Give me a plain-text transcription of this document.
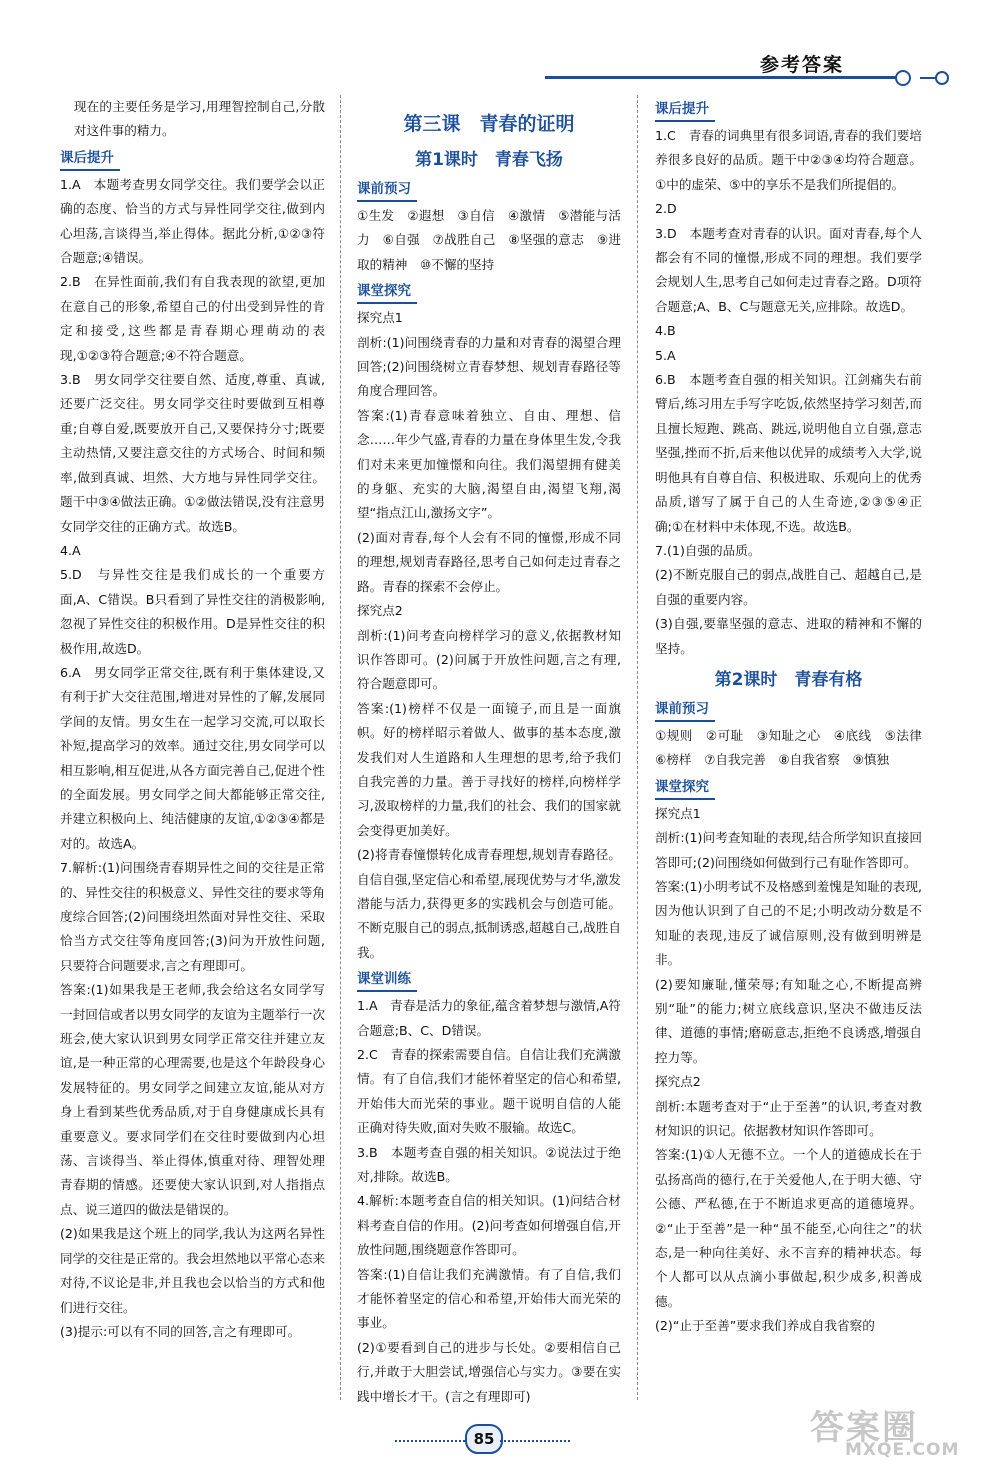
参考答案

现在的主要任务是学习,用理智控制自己,分散对这件事的精力。

课后提升

1.A　本题考查男女同学交往。我们要学会以正确的态度、恰当的方式与异性同学交往,做到内心坦荡,言谈得当,举止得体。据此分析,①②③符合题意;④错误。

2.B　在异性面前,我们有自我表现的欲望,更加在意自己的形象,希望自己的付出受到异性的肯定和接受,这些都是青春期心理萌动的表现,①②③符合题意;④不符合题意。

3.B　男女同学交往要自然、适度,尊重、真诚,还要广泛交往。男女同学交往时要做到互相尊重;自尊自爱,既要放开自己,又要保持分寸;既要主动热情,又要注意交往的方式场合、时间和频率,做到真诚、坦然、大方地与异性同学交往。题干中③④做法正确。①②做法错误,没有注意男女同学交往的正确方式。故选B。

4.A

5.D　与异性交往是我们成长的一个重要方面,A、C错误。B只看到了异性交往的消极影响,忽视了异性交往的积极作用。D是异性交往的积极作用,故选D。

6.A　男女同学正常交往,既有利于集体建设,又有利于扩大交往范围,增进对异性的了解,发展同学间的友情。男女生在一起学习交流,可以取长补短,提高学习的效率。通过交往,男女同学可以相互影响,相互促进,从各方面完善自己,促进个性的全面发展。男女同学之间大都能够正常交往,并建立积极向上、纯洁健康的友谊,①②③④都是对的。故选A。

7.解析:(1)问围绕青春期异性之间的交往是正常的、异性交往的积极意义、异性交往的要求等角度综合回答;(2)问围绕坦然面对异性交往、采取恰当方式交往等角度回答;(3)问为开放性问题,只要符合问题要求,言之有理即可。

答案:(1)如果我是王老师,我会给这名女同学写一封回信或者以男女同学的友谊为主题举行一次班会,使大家认识到男女同学正常交往并建立友谊,是一种正常的心理需要,也是这个年龄段身心发展特征的。男女同学之间建立友谊,能从对方身上看到某些优秀品质,对于自身健康成长具有重要意义。要求同学们在交往时要做到内心坦荡、言谈得当、举止得体,慎重对待、理智处理青春期的情感。还要使大家认识到,对人指指点点、说三道四的做法是错误的。

(2)如果我是这个班上的同学,我认为这两名异性同学的交往是正常的。我会坦然地以平常心态来对待,不议论是非,并且我也会以恰当的方式和他们进行交往。

(3)提示:可以有不同的回答,言之有理即可。

第三课　青春的证明
第1课时　青春飞扬
课前预习

①生发　②遐想　③自信　④激情　⑤潜能与活力　⑥自强　⑦战胜自己　⑧坚强的意志　⑨进取的精神　⑩不懈的坚持

课堂探究

探究点1

剖析:(1)问围绕青春的力量和对青春的渴望合理回答;(2)问围绕树立青春梦想、规划青春路径等角度合理回答。

答案:(1)青春意味着独立、自由、理想、信念……年少气盛,青春的力量在身体里生发,令我们对未来更加憧憬和向往。我们渴望拥有健美的身躯、充实的大脑,渴望自由,渴望飞翔,渴望“指点江山,激扬文字”。

(2)面对青春,每个人会有不同的憧憬,形成不同的理想,规划青春路径,思考自己如何走过青春之路。青春的探索不会停止。

探究点2

剖析:(1)问考查向榜样学习的意义,依据教材知识作答即可。(2)问属于开放性问题,言之有理,符合题意即可。

答案:(1)榜样不仅是一面镜子,而且是一面旗帜。好的榜样昭示着做人、做事的基本态度,激发我们对人生道路和人生理想的思考,给予我们自我完善的力量。善于寻找好的榜样,向榜样学习,汲取榜样的力量,我们的社会、我们的国家就会变得更加美好。

(2)将青春憧憬转化成青春理想,规划青春路径。自信自强,坚定信心和希望,展现优势与才华,激发潜能与活力,获得更多的实践机会与创造可能。不断克服自己的弱点,抵制诱惑,超越自己,战胜自我。

课堂训练

1.A　青春是活力的象征,蕴含着梦想与激情,A符合题意;B、C、D错误。

2.C　青春的探索需要自信。自信让我们充满激情。有了自信,我们才能怀着坚定的信心和希望,开始伟大而光荣的事业。题干说明自信的人能正确对待失败,面对失败不服输。故选C。

3.B　本题考查自强的相关知识。②说法过于绝对,排除。故选B。

4.解析:本题考查自信的相关知识。(1)问结合材料考查自信的作用。(2)问考查如何增强自信,开放性问题,围绕题意作答即可。

答案:(1)自信让我们充满激情。有了自信,我们才能怀着坚定的信心和希望,开始伟大而光荣的事业。

(2)①要看到自己的进步与长处。②要相信自己行,并敢于大胆尝试,增强信心与实力。③要在实践中增长才干。(言之有理即可)

课后提升

1.C　青春的词典里有很多词语,青春的我们要培养很多良好的品质。题干中②③④均符合题意。①中的虚荣、⑤中的享乐不是我们所提倡的。

2.D

3.D　本题考查对青春的认识。面对青春,每个人都会有不同的憧憬,形成不同的理想。我们要学会规划人生,思考自己如何走过青春之路。D项符合题意;A、B、C与题意无关,应排除。故选D。

4.B

5.A

6.B　本题考查自强的相关知识。江剑痛失右前臂后,练习用左手写字吃饭,依然坚持学习刻苦,而且擅长短跑、跳高、跳远,说明他自立自强,意志坚强,挫而不折,后来他以优异的成绩考入大学,说明他具有自尊自信、积极进取、乐观向上的优秀品质,谱写了属于自己的人生奇迹,②③⑤④正确;①在材料中未体现,不选。故选B。

7.(1)自强的品质。

(2)不断克服自己的弱点,战胜自己、超越自己,是自强的重要内容。

(3)自强,要靠坚强的意志、进取的精神和不懈的坚持。

第2课时　青春有格
课前预习

①规则　②可耻　③知耻之心　④底线　⑤法律　⑥榜样　⑦自我完善　⑧自我省察　⑨慎独

课堂探究

探究点1

剖析:(1)问考查知耻的表现,结合所学知识直接回答即可;(2)问围绕如何做到行己有耻作答即可。

答案:(1)小明考试不及格感到羞愧是知耻的表现,因为他认识到了自己的不足;小明改动分数是不知耻的表现,违反了诚信原则,没有做到明辨是非。

(2)要知廉耻,懂荣辱;有知耻之心,不断提高辨别“耻”的能力;树立底线意识,坚决不做违反法律、道德的事情;磨砺意志,拒绝不良诱惑,增强自控力等。

探究点2

剖析:本题考查对于“止于至善”的认识,考查对教材知识的识记。依据教材知识作答即可。

答案:(1)①人无德不立。一个人的道德成长在于弘扬高尚的德行,在于关爱他人,在于明大德、守公德、严私德,在于不断追求更高的道德境界。②“止于至善”是一种“虽不能至,心向往之”的状态,是一种向往美好、永不言弃的精神状态。每个人都可以从点滴小事做起,积少成多,积善成德。

(2)“止于至善”要求我们养成自我省察的

85	答案圈
MXQE.COM
